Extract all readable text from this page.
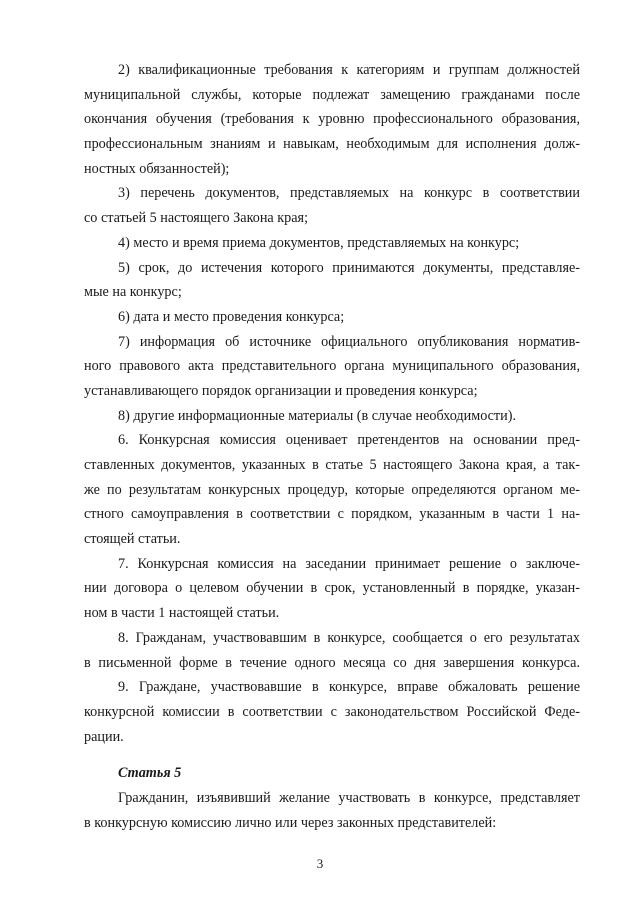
2) квалификационные требования к категориям и группам должностей
муниципальной службы, которые подлежат замещению гражданами после
окончания обучения (требования к уровню профессионального образования,
профессиональным знаниям и навыкам, необходимым для исполнения долж-
ностных обязанностей);
3) перечень документов, представляемых на конкурс в соответствии
со статьей 5 настоящего Закона края;
4) место и время приема документов, представляемых на конкурс;
5) срок, до истечения которого принимаются документы, представляе-
мые на конкурс;
6) дата и место проведения конкурса;
7) информация об источнике официального опубликования норматив-
ного правового акта представительного органа муниципального образования,
устанавливающего порядок организации и проведения конкурса;
8) другие информационные материалы (в случае необходимости).
6. Конкурсная комиссия оценивает претендентов на основании пред-
ставленных документов, указанных в статье 5 настоящего Закона края, а так-
же по результатам конкурсных процедур, которые определяются органом ме-
стного самоуправления в соответствии с порядком, указанным в части 1 на-
стоящей статьи.
7. Конкурсная комиссия на заседании принимает решение о заключе-
нии договора о целевом обучении в срок, установленный в порядке, указан-
ном в части 1 настоящей статьи.
8. Гражданам, участвовавшим в конкурсе, сообщается о его результатах
в письменной форме в течение одного месяца со дня завершения конкурса.
9. Граждане, участвовавшие в конкурсе, вправе обжаловать решение
конкурсной комиссии в соответствии с законодательством Российской Феде-
рации.
Статья 5
Гражданин, изъявивший желание участвовать в конкурсе, представляет
в конкурсную комиссию лично или через законных представителей:
3
